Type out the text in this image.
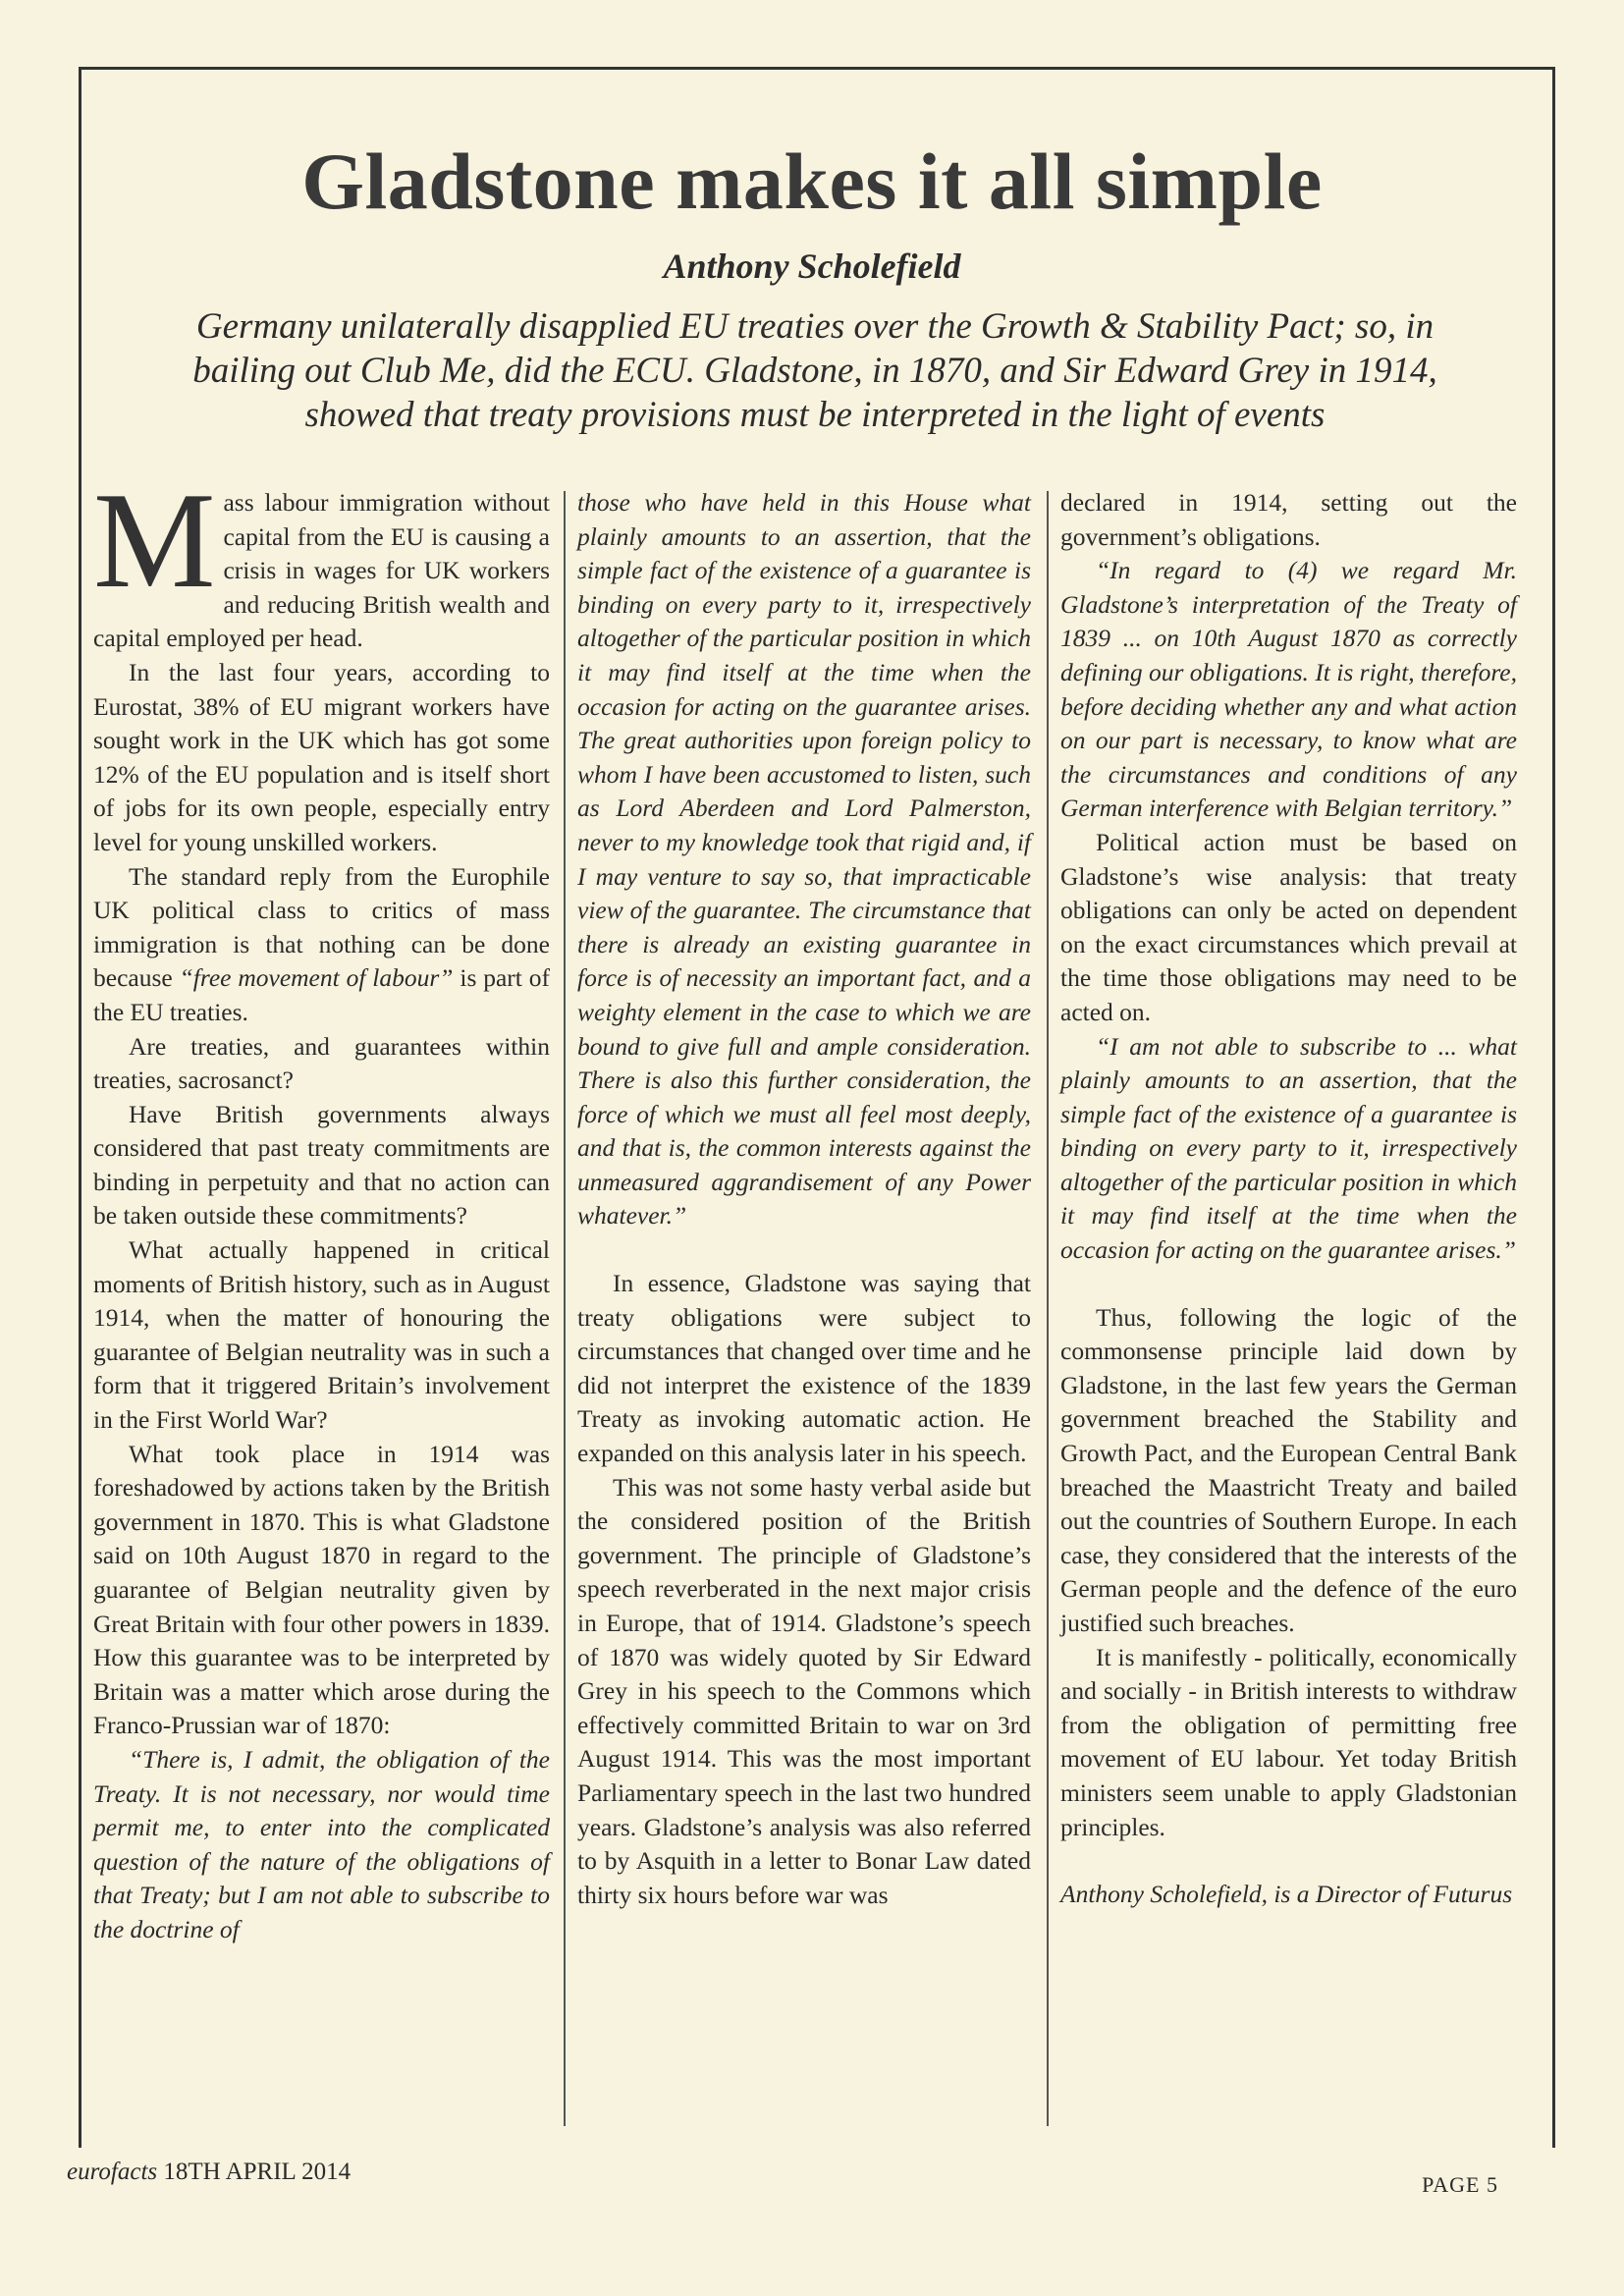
Gladstone makes it all simple
Anthony Scholefield
Germany unilaterally disapplied EU treaties over the Growth & Stability Pact; so, in bailing out Club Me, did the ECU. Gladstone, in 1870, and Sir Edward Grey in 1914, showed that treaty provisions must be interpreted in the light of events

Mass labour immigration without capital from the EU is causing a crisis in wages for UK workers and reducing British wealth and capital employed per head.

In the last four years, according to Eurostat, 38% of EU migrant workers have sought work in the UK which has got some 12% of the EU population and is itself short of jobs for its own people, especially entry level for young unskilled workers.

The standard reply from the Europhile UK political class to critics of mass immigration is that nothing can be done because “free movement of labour” is part of the EU treaties.

Are treaties, and guarantees within treaties, sacrosanct?

Have British governments always considered that past treaty commitments are binding in perpetuity and that no action can be taken outside these commitments?

What actually happened in critical moments of British history, such as in August 1914, when the matter of honouring the guarantee of Belgian neutrality was in such a form that it triggered Britain’s involvement in the First World War?

What took place in 1914 was foreshadowed by actions taken by the British government in 1870. This is what Gladstone said on 10th August 1870 in regard to the guarantee of Belgian neutrality given by Great Britain with four other powers in 1839. How this guarantee was to be interpreted by Britain was a matter which arose during the Franco-Prussian war of 1870:

“There is, I admit, the obligation of the Treaty. It is not necessary, nor would time permit me, to enter into the complicated question of the nature of the obligations of that Treaty; but I am not able to subscribe to the doctrine of

those who have held in this House what plainly amounts to an assertion, that the simple fact of the existence of a guarantee is binding on every party to it, irrespectively altogether of the particular position in which it may find itself at the time when the occasion for acting on the guarantee arises. The great authorities upon foreign policy to whom I have been accustomed to listen, such as Lord Aberdeen and Lord Palmerston, never to my knowledge took that rigid and, if I may venture to say so, that impracticable view of the guarantee. The circumstance that there is already an existing guarantee in force is of necessity an important fact, and a weighty element in the case to which we are bound to give full and ample consideration. There is also this further consideration, the force of which we must all feel most deeply, and that is, the common interests against the unmeasured aggrandisement of any Power whatever.”

In essence, Gladstone was saying that treaty obligations were subject to circumstances that changed over time and he did not interpret the existence of the 1839 Treaty as invoking automatic action. He expanded on this analysis later in his speech.

This was not some hasty verbal aside but the considered position of the British government. The principle of Gladstone’s speech reverberated in the next major crisis in Europe, that of 1914. Gladstone’s speech of 1870 was widely quoted by Sir Edward Grey in his speech to the Commons which effectively committed Britain to war on 3rd August 1914. This was the most important Parliamentary speech in the last two hundred years. Gladstone’s analysis was also referred to by Asquith in a letter to Bonar Law dated thirty six hours before war was

declared in 1914, setting out the government’s obligations.

“In regard to (4) we regard Mr. Gladstone’s interpretation of the Treaty of 1839 ... on 10th August 1870 as correctly defining our obligations. It is right, therefore, before deciding whether any and what action on our part is necessary, to know what are the circumstances and conditions of any German interference with Belgian territory.”

Political action must be based on Gladstone’s wise analysis: that treaty obligations can only be acted on dependent on the exact circumstances which prevail at the time those obligations may need to be acted on.

“I am not able to subscribe to ... what plainly amounts to an assertion, that the simple fact of the existence of a guarantee is binding on every party to it, irrespectively altogether of the particular position in which it may find itself at the time when the occasion for acting on the guarantee arises.”

Thus, following the logic of the commonsense principle laid down by Gladstone, in the last few years the German government breached the Stability and Growth Pact, and the European Central Bank breached the Maastricht Treaty and bailed out the countries of Southern Europe. In each case, they considered that the interests of the German people and the defence of the euro justified such breaches.

It is manifestly - politically, economically and socially - in British interests to withdraw from the obligation of permitting free movement of EU labour. Yet today British ministers seem unable to apply Gladstonian principles.

Anthony Scholefield, is a Director of Futurus

eurofacts 18TH APRIL 2014	PAGE 5
